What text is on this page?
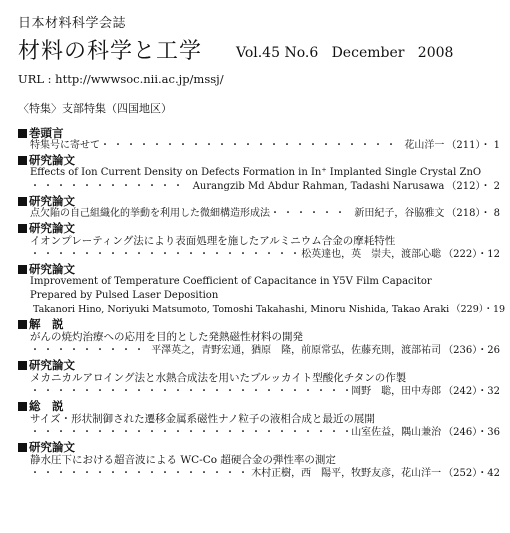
日本材料科学会誌
材料の科学と工学 Vol.45 No.6   December   2008
URL : http://wwwsoc.nii.ac.jp/mssj/
〈特集〉支部特集（四国地区）
巻頭言
特集号に寄せて ・・・・・・・・・・・・・・・・・・・・・・・・・・・・・・・・・・・・・・・・・・・・・・・・・・・・・・・・・・・・・・	花山洋一 （211）・ 1
研究論文
Effects of Ion Current Density on Defects Formation in In⁺ Implanted Single Crystal ZnO
・・・・・・・・・・・・・・・・・・・・・・・・・・・・・・・・・・・・・・・・・・・・・・・・・・・・・・・・・・・・・・
Aurangzib Md Abdur Rahman, Tadashi Narusawa （212）・ 2
研究論文
点欠陥の自己組織化的挙動を利用した微細構造形成法 ・・・・・・・・・・・・・・・・・・・・・・・・・・・・・・・・・・・・・・・・・・・・・・・・・・・・・・・・・・・・・・	新田紀子，谷脇雅文 （218）・ 8
研究論文
イオンプレーティング法により表面処理を施したアルミニウム合金の摩耗特性
・・・・・・・・・・・・・・・・・・・・・・・・・・・・・・・・・・・・・・・・・・・・・・・・・・・・・・・・・・・・・・
松英達也，英　崇夫，渡部心聡 （222）・12
研究論文
Improvement of Temperature Coefficient of Capacitance in Y5V Film Capacitor Prepared by Pulsed Laser Deposition
Takanori Hino, Noriyuki Matsumoto, Tomoshi Takahashi, Minoru Nishida, Takao Araki （229）・19
解　説
がんの焼灼治療への応用を目的とした発熱磁性材料の開発
・・・・・・・・・・・・・・・・・・・・・・・・・・・・・・・・・・・・・・・・・・・・・・・・・・・・・・・・・・・・・・
平澤英之，青野宏通，猶原　隆，前原常弘，佐藤充則，渡部祐司 （236）・26
研究論文
メカニカルアロイング法と水熱合成法を用いたブルッカイト型酸化チタンの作製
・・・・・・・・・・・・・・・・・・・・・・・・・・・・・・・・・・・・・・・・・・・・・・・・・・・・・・・・・・・・・・
岡野　聡，田中寿郎 （242）・32
総　説
サイズ・形状制御された遷移金属系磁性ナノ粒子の液相合成と最近の展開
・・・・・・・・・・・・・・・・・・・・・・・・・・・・・・・・・・・・・・・・・・・・・・・・・・・・・・・・・・・・・・
山室佐益，隅山兼治 （246）・36
研究論文
静水圧下における超音波による WC-Co 超硬合金の弾性率の測定
・・・・・・・・・・・・・・・・・・・・・・・・・・・・・・・・・・・・・・・・・・・・・・・・・・・・・・・・・・・・・・
木村正樹，西　陽平，牧野友彦，花山洋一 （252）・42
